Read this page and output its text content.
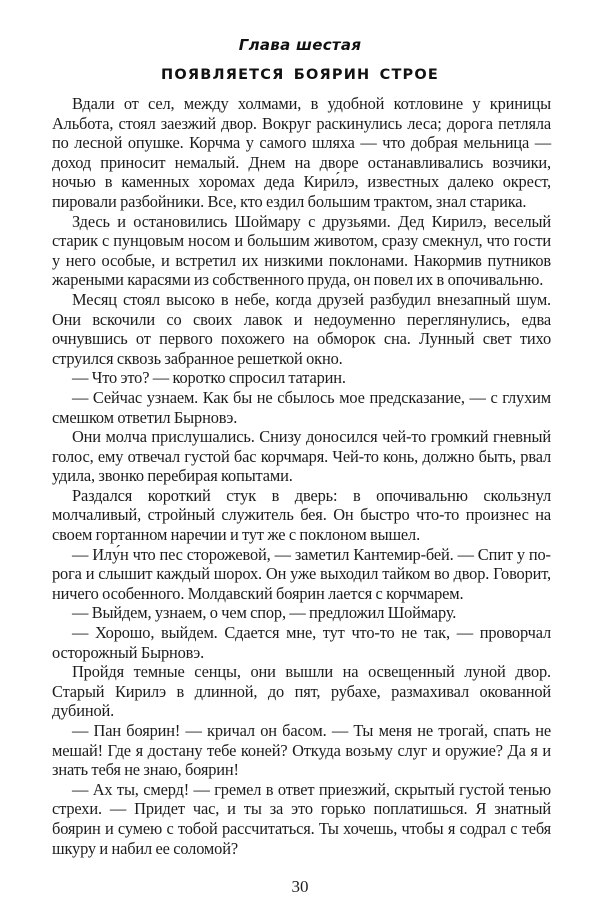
Глава шестая
ПОЯВЛЯЕТСЯ БОЯРИН СТРОЕ

Вдали от сел, между холмами, в удобной котловине у криницы Альбота, стоял заезжий двор. Вокруг раскинулись леса; дорога петляла по лесной опушке. Корчма у самого шляха — что добрая мельница — доход приносит немалый. Днем на дворе останавливались возчики, ночью в каменных хоромах деда Кири́лэ, известных далеко окрест, пировали разбойники. Все, кто ездил большим трактом, знал старика.

Здесь и остановились Шоймару с друзьями. Дед Кирилэ, веселый старик с пунцовым носом и большим животом, сразу смекнул, что гости у него особые, и встретил их низкими поклонами. Накормив путников жареными карасями из собственного пруда, он повел их в опочивальню.

Месяц стоял высоко в небе, когда друзей разбудил внезапный шум. Они вскочили со своих лавок и недоуменно переглянулись, едва очнувшись от первого похожего на обморок сна. Лунный свет тихо струился сквозь забранное решеткой окно.

— Что это? — коротко спросил татарин.

— Сейчас узнаем. Как бы не сбылось мое предсказание, — с глухим смешком ответил Бырновэ.

Они молча прислушались. Снизу доносился чей-то громкий гневный голос, ему отвечал густой бас корчмаря. Чей-то конь, должно быть, рвал удила, звонко перебирая копытами.

Раздался короткий стук в дверь: в опочивальню скользнул молчаливый, стройный служитель бея. Он быстро что-то произнес на своем гортанном наречии и тут же с поклоном вышел.

— Илу́н что пес сторожевой, — заметил Кантемир-бей. — Спит у порога и слышит каждый шорох. Он уже выходил тайком во двор. Говорит, ничего особенного. Молдавский боярин лается с корчмарем.

— Выйдем, узнаем, о чем спор, — предложил Шоймару.

— Хорошо, выйдем. Сдается мне, тут что-то не так, — проворчал осторожный Бырновэ.

Пройдя темные сенцы, они вышли на освещенный луной двор. Старый Кирилэ в длинной, до пят, рубахе, размахивал окованной дубиной.

— Пан боярин! — кричал он басом. — Ты меня не трогай, спать не мешай! Где я достану тебе коней? Откуда возьму слуг и оружие? Да я и знать тебя не знаю, боярин!

— Ах ты, смерд! — гремел в ответ приезжий, скрытый густой тенью стрехи. — Придет час, и ты за это горько поплатишься. Я знатный боярин и сумею с тобой рассчитаться. Ты хочешь, чтобы я содрал с тебя шкуру и набил ее соломой?

30
